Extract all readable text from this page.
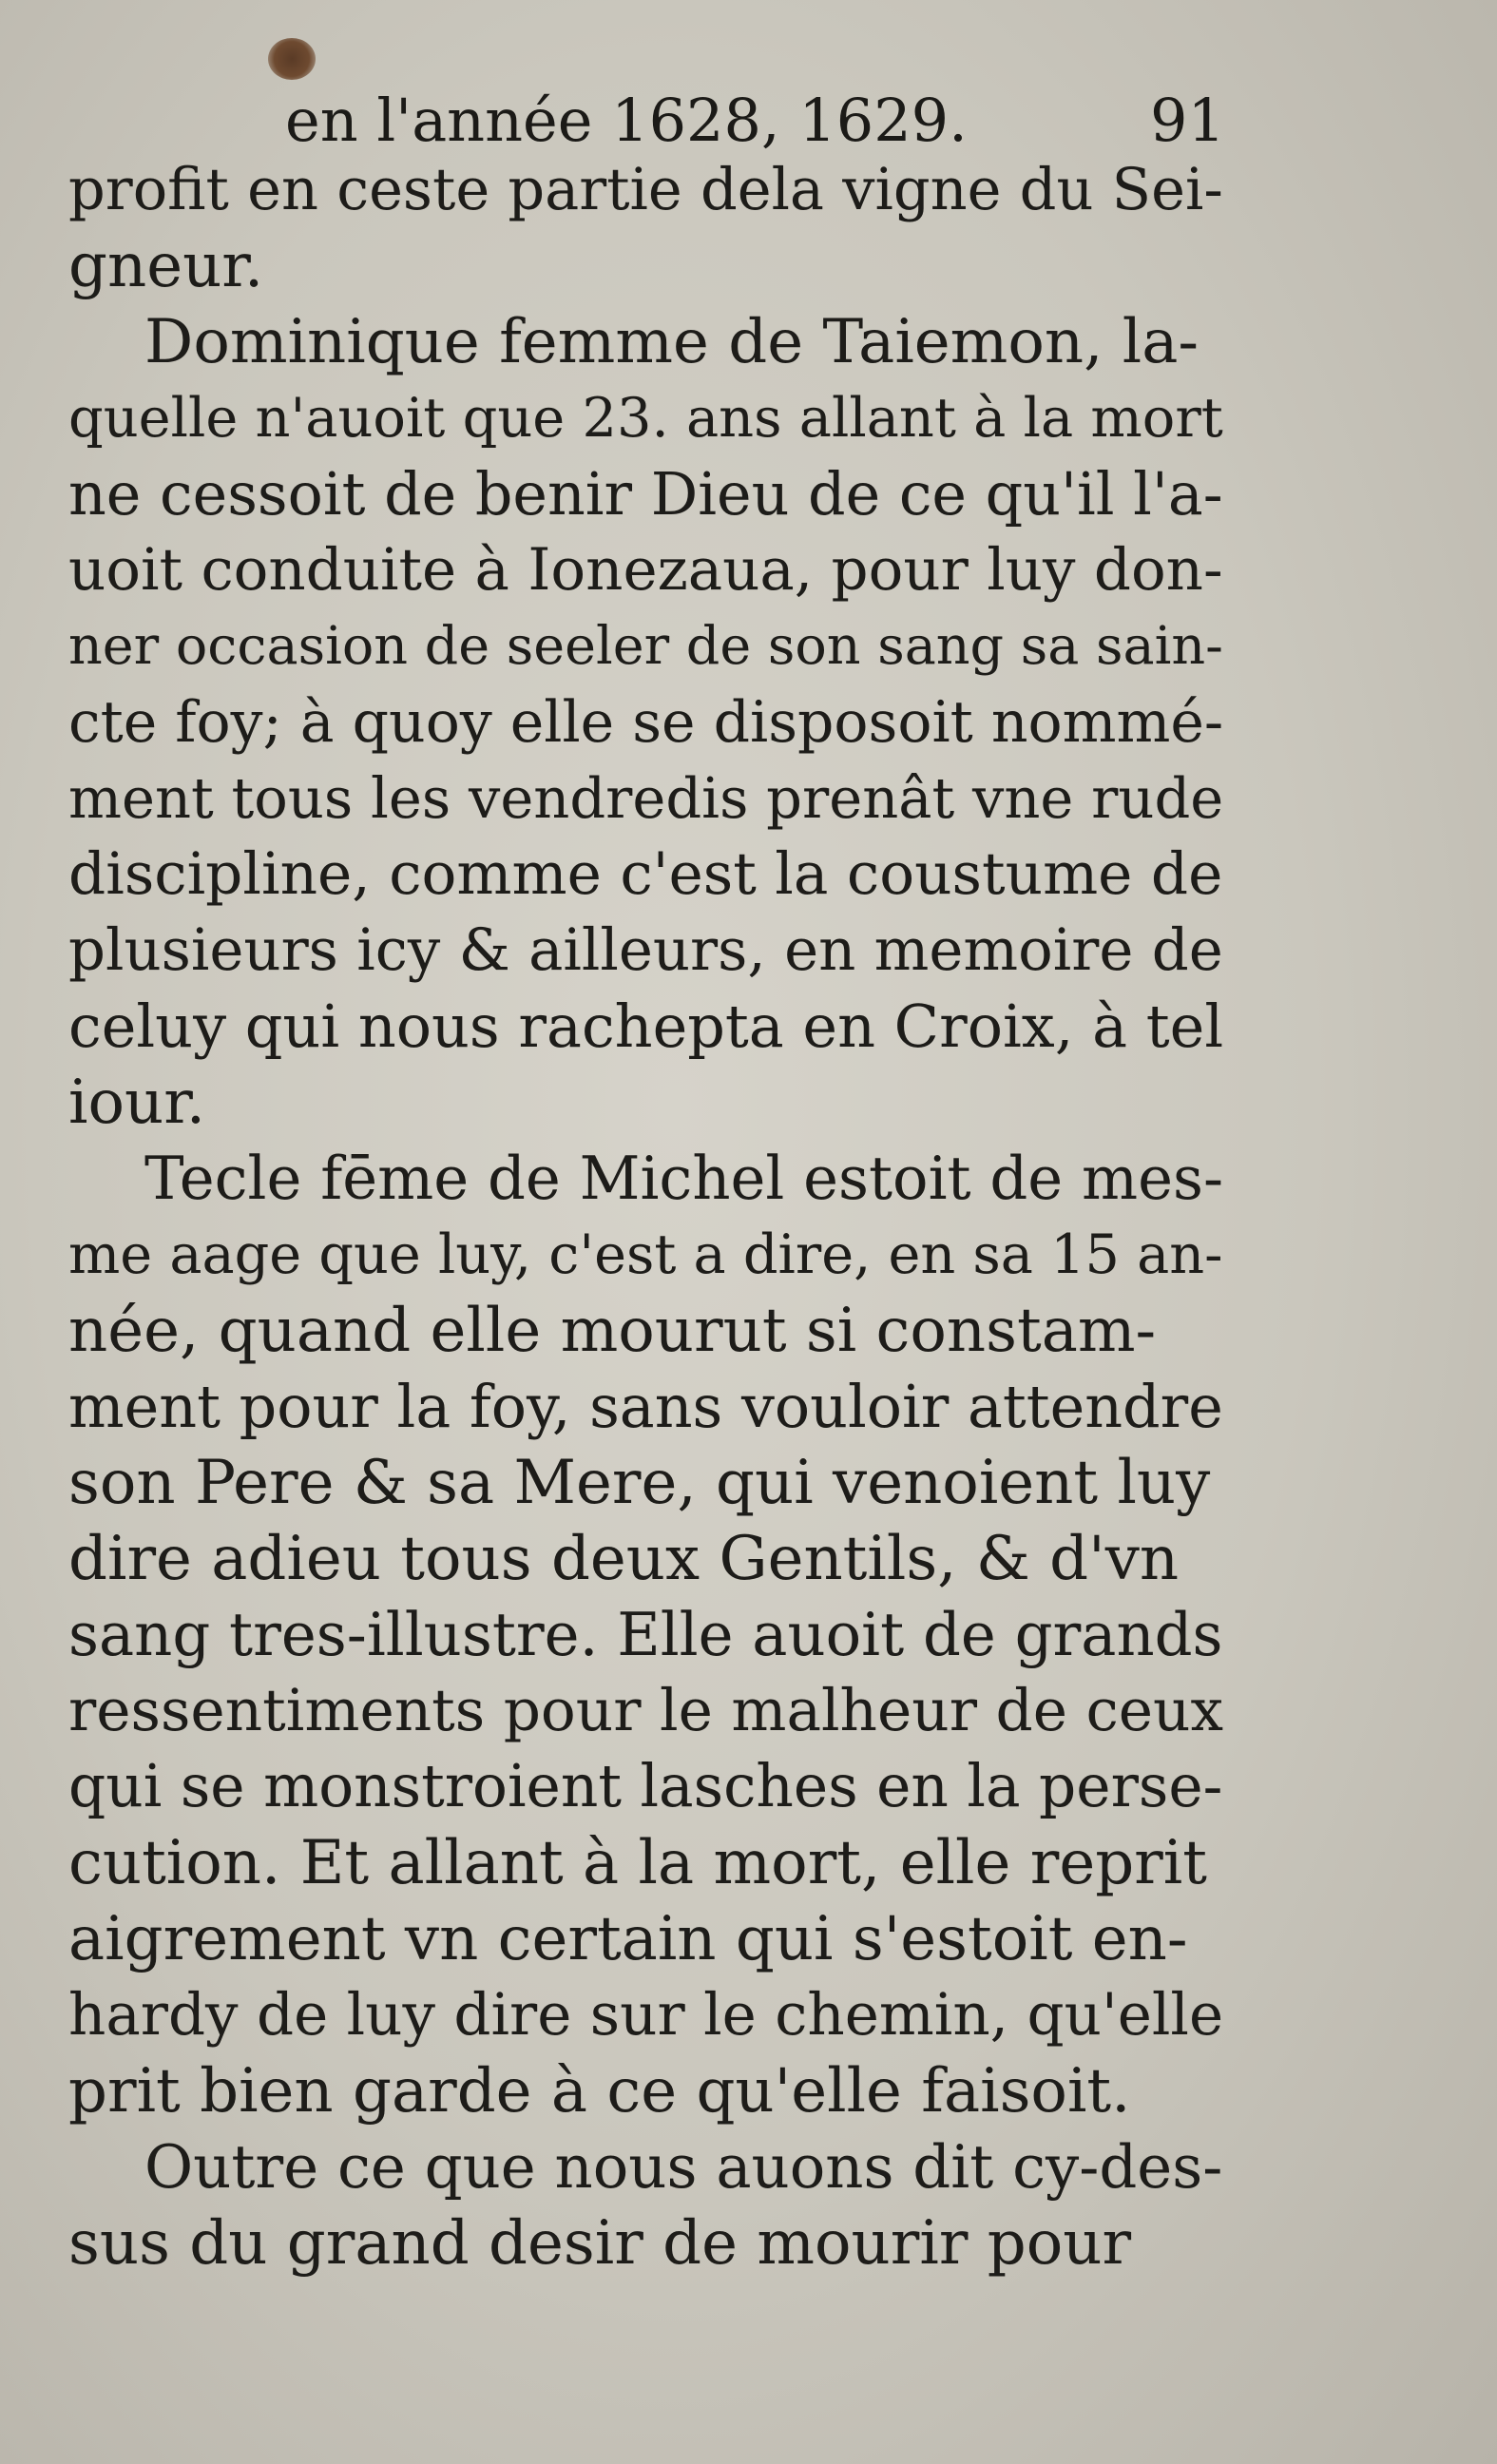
en l'année 1628, 1629.	91
profit en ceste partie dela vigne du Sei-
gneur.
Dominique femme de Taiemon, la-
quelle n'auoit que 23. ans allant à la mort
ne cessoit de benir Dieu de ce qu'il l'a-
uoit conduite à Ionezaua, pour luy don-
ner occasion de seeler de son sang sa sain-
cte foy; à quoy elle se disposoit nommé-
ment tous les vendredis prenât vne rude
discipline, comme c'est la coustume de
plusieurs icy & ailleurs, en memoire de
celuy qui nous rachepta en Croix, à tel
iour.
Tecle fēme de Michel estoit de mes-
me aage que luy, c'est a dire, en sa 15 an-
née, quand elle mourut si constam-
ment pour la foy, sans vouloir attendre
son Pere & sa Mere, qui venoient luy
dire adieu tous deux Gentils, & d'vn
sang tres-illustre. Elle auoit de grands
ressentiments pour le malheur de ceux
qui se monstroient lasches en la perse-
cution. Et allant à la mort, elle reprit
aigrement vn certain qui s'estoit en-
hardy de luy dire sur le chemin, qu'elle
prit bien garde à ce qu'elle faisoit.
Outre ce que nous auons dit cy-des-
sus du grand desir de mourir pour
